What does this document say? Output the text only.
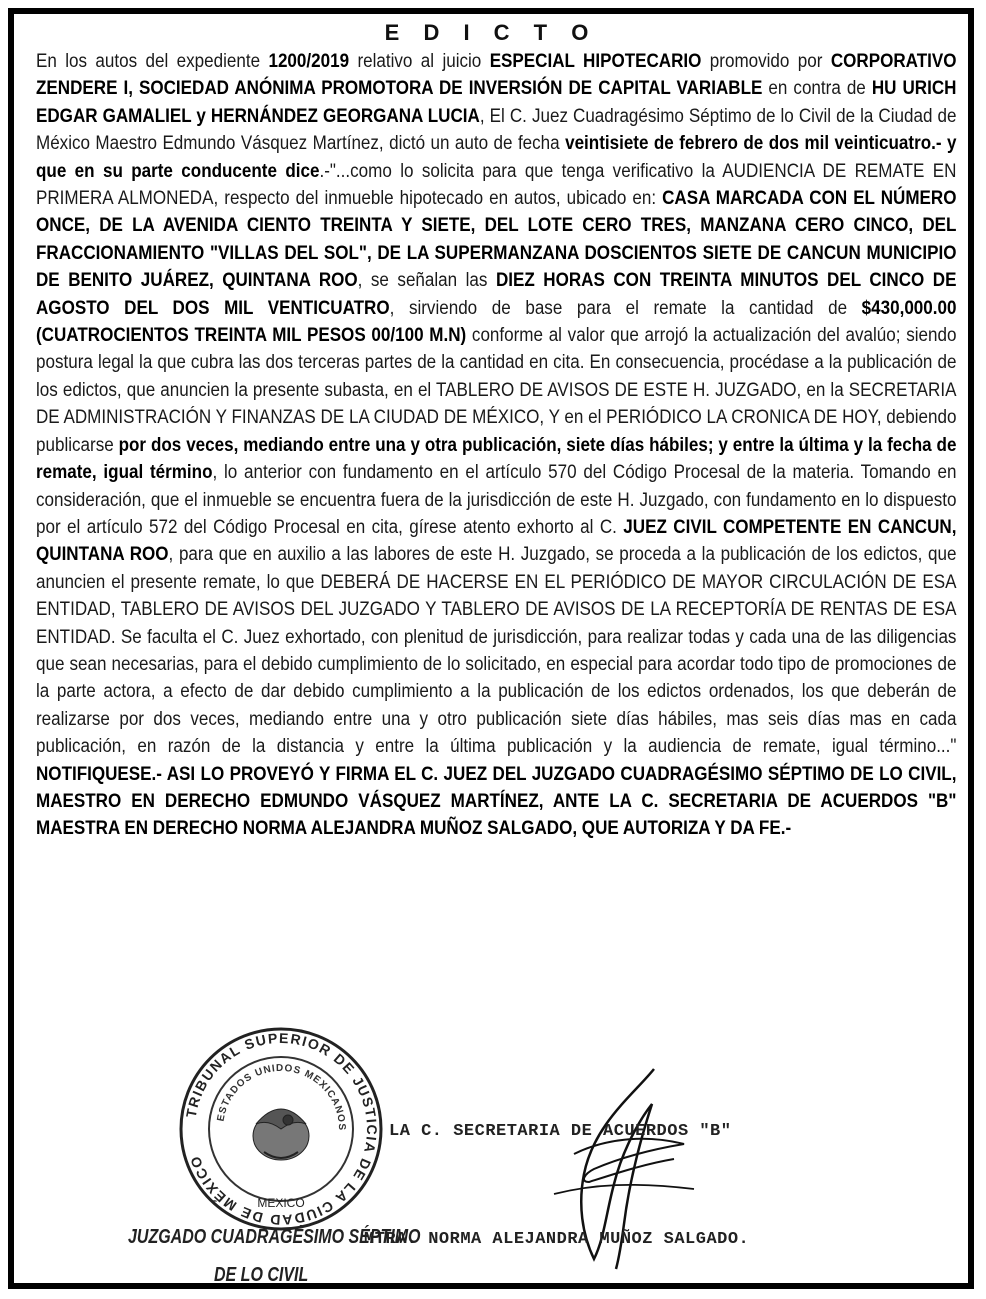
E D I C T O
En los autos del expediente 1200/2019 relativo al juicio ESPECIAL HIPOTECARIO promovido por CORPORATIVO ZENDERE I, SOCIEDAD ANÓNIMA PROMOTORA DE INVERSIÓN DE CAPITAL VARIABLE en contra de HU URICH EDGAR GAMALIEL y HERNÁNDEZ GEORGANA LUCIA, El C. Juez Cuadragésimo Séptimo de lo Civil de la Ciudad de México Maestro Edmundo Vásquez Martínez, dictó un auto de fecha veintisiete de febrero de dos mil veinticuatro.- y que en su parte conducente dice.-"...como lo solicita para que tenga verificativo la AUDIENCIA DE REMATE EN PRIMERA ALMONEDA, respecto del inmueble hipotecado en autos, ubicado en: CASA MARCADA CON EL NÚMERO ONCE, DE LA AVENIDA CIENTO TREINTA Y SIETE, DEL LOTE CERO TRES, MANZANA CERO CINCO, DEL FRACCIONAMIENTO "VILLAS DEL SOL", DE LA SUPERMANZANA DOSCIENTOS SIETE DE CANCUN MUNICIPIO DE BENITO JUÁREZ, QUINTANA ROO, se señalan las DIEZ HORAS CON TREINTA MINUTOS DEL CINCO DE AGOSTO DEL DOS MIL VENTICUATRO, sirviendo de base para el remate la cantidad de $430,000.00 (CUATROCIENTOS TREINTA MIL PESOS 00/100 M.N) conforme al valor que arrojó la actualización del avalúo; siendo postura legal la que cubra las dos terceras partes de la cantidad en cita. En consecuencia, procédase a la publicación de los edictos, que anuncien la presente subasta, en el TABLERO DE AVISOS DE ESTE H. JUZGADO, en la SECRETARIA DE ADMINISTRACIÓN Y FINANZAS DE LA CIUDAD DE MÉXICO, Y en el PERIÓDICO LA CRONICA DE HOY, debiendo publicarse por dos veces, mediando entre una y otra publicación, siete días hábiles; y entre la última y la fecha de remate, igual término, lo anterior con fundamento en el artículo 570 del Código Procesal de la materia. Tomando en consideración, que el inmueble se encuentra fuera de la jurisdicción de este H. Juzgado, con fundamento en lo dispuesto por el artículo 572 del Código Procesal en cita, gírese atento exhorto al C. JUEZ CIVIL COMPETENTE EN CANCUN, QUINTANA ROO, para que en auxilio a las labores de este H. Juzgado, se proceda a la publicación de los edictos, que anuncien el presente remate, lo que DEBERÁ DE HACERSE EN EL PERIÓDICO DE MAYOR CIRCULACIÓN DE ESA ENTIDAD, TABLERO DE AVISOS DEL JUZGADO Y TABLERO DE AVISOS DE LA RECEPTORÍA DE RENTAS DE ESA ENTIDAD. Se faculta el C. Juez exhortado, con plenitud de jurisdicción, para realizar todas y cada una de las diligencias que sean necesarias, para el debido cumplimiento de lo solicitado, en especial para acordar todo tipo de promociones de la parte actora, a efecto de dar debido cumplimiento a la publicación de los edictos ordenados, los que deberán de realizarse por dos veces, mediando entre una y otro publicación siete días hábiles, mas seis días mas en cada publicación, en razón de la distancia y entre la última publicación y la audiencia de remate, igual término..." NOTIFIQUESE.- ASI LO PROVEYÓ Y FIRMA EL C. JUEZ DEL JUZGADO CUADRAGÉSIMO SÉPTIMO DE LO CIVIL, MAESTRO EN DERECHO EDMUNDO VÁSQUEZ MARTÍNEZ, ANTE LA C. SECRETARIA DE ACUERDOS "B" MAESTRA EN DERECHO NORMA ALEJANDRA MUÑOZ SALGADO, QUE AUTORIZA Y DA FE.-
TRIBUNAL SUPERIOR DE JUSTICIA DE LA CIUDAD DE MÉXICO
ESTADOS UNIDOS MEXICANOS
MEXICO
LA C. SECRETARIA DE ACUERDOS "B"
MTRA. NORMA ALEJANDRA MUÑOZ SALGADO.
JUZGADO CUADRAGÉSIMO SÉPTIMO
DE LO CIVIL
